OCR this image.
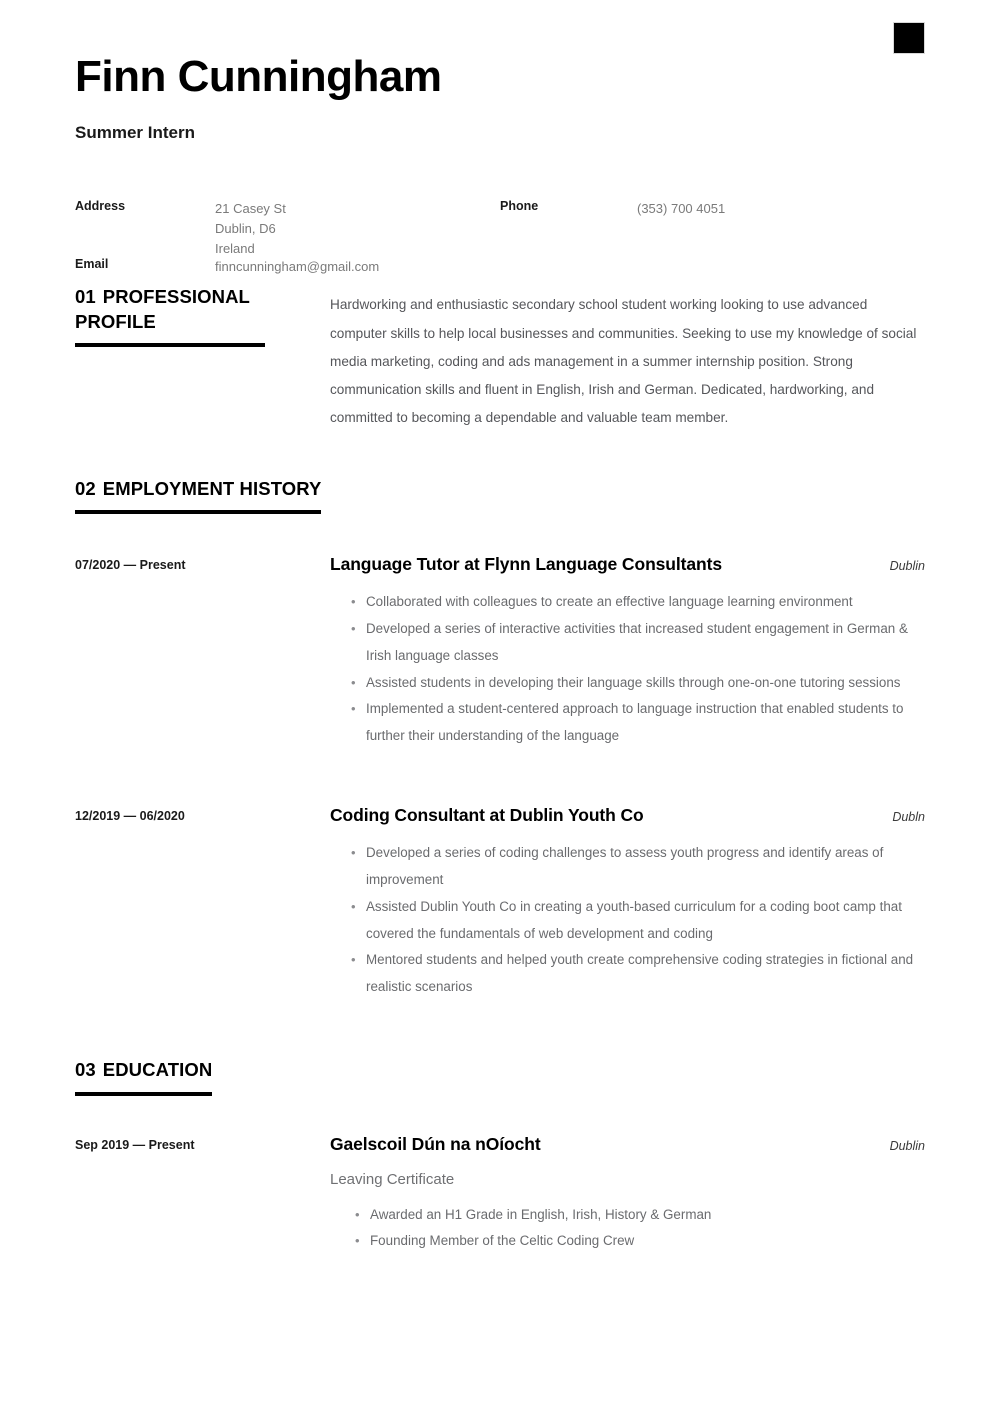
Finn Cunningham
Summer Intern
Address	21 Casey St
Dublin, D6
Ireland
Email	finncunningham@gmail.com
Phone	(353) 700 4051
01 PROFESSIONAL PROFILE
Hardworking and enthusiastic secondary school student working looking to use advanced computer skills to help local businesses and communities. Seeking to use my knowledge of social media marketing, coding and ads management in a summer internship position. Strong communication skills and fluent in English, Irish and German. Dedicated, hardworking, and committed to becoming a dependable and valuable team member.
02 EMPLOYMENT HISTORY
07/2020 — Present	Language Tutor at Flynn Language Consultants	Dublin
• Collaborated with colleagues to create an effective language learning environment
• Developed a series of interactive activities that increased student engagement in German & Irish language classes
• Assisted students in developing their language skills through one-on-one tutoring sessions
• Implemented a student-centered approach to language instruction that enabled students to further their understanding of the language
12/2019 — 06/2020	Coding Consultant at Dublin Youth Co	Dubln
• Developed a series of coding challenges to assess youth progress and identify areas of improvement
• Assisted Dublin Youth Co in creating a youth-based curriculum for a coding boot camp that covered the fundamentals of web development and coding
• Mentored students and helped youth create comprehensive coding strategies in fictional and realistic scenarios
03 EDUCATION
Sep 2019 — Present	Gaelscoil Dún na nOíocht	Dublin
Leaving Certificate
• Awarded an H1 Grade in English, Irish, History & German
• Founding Member of the Celtic Coding Crew
